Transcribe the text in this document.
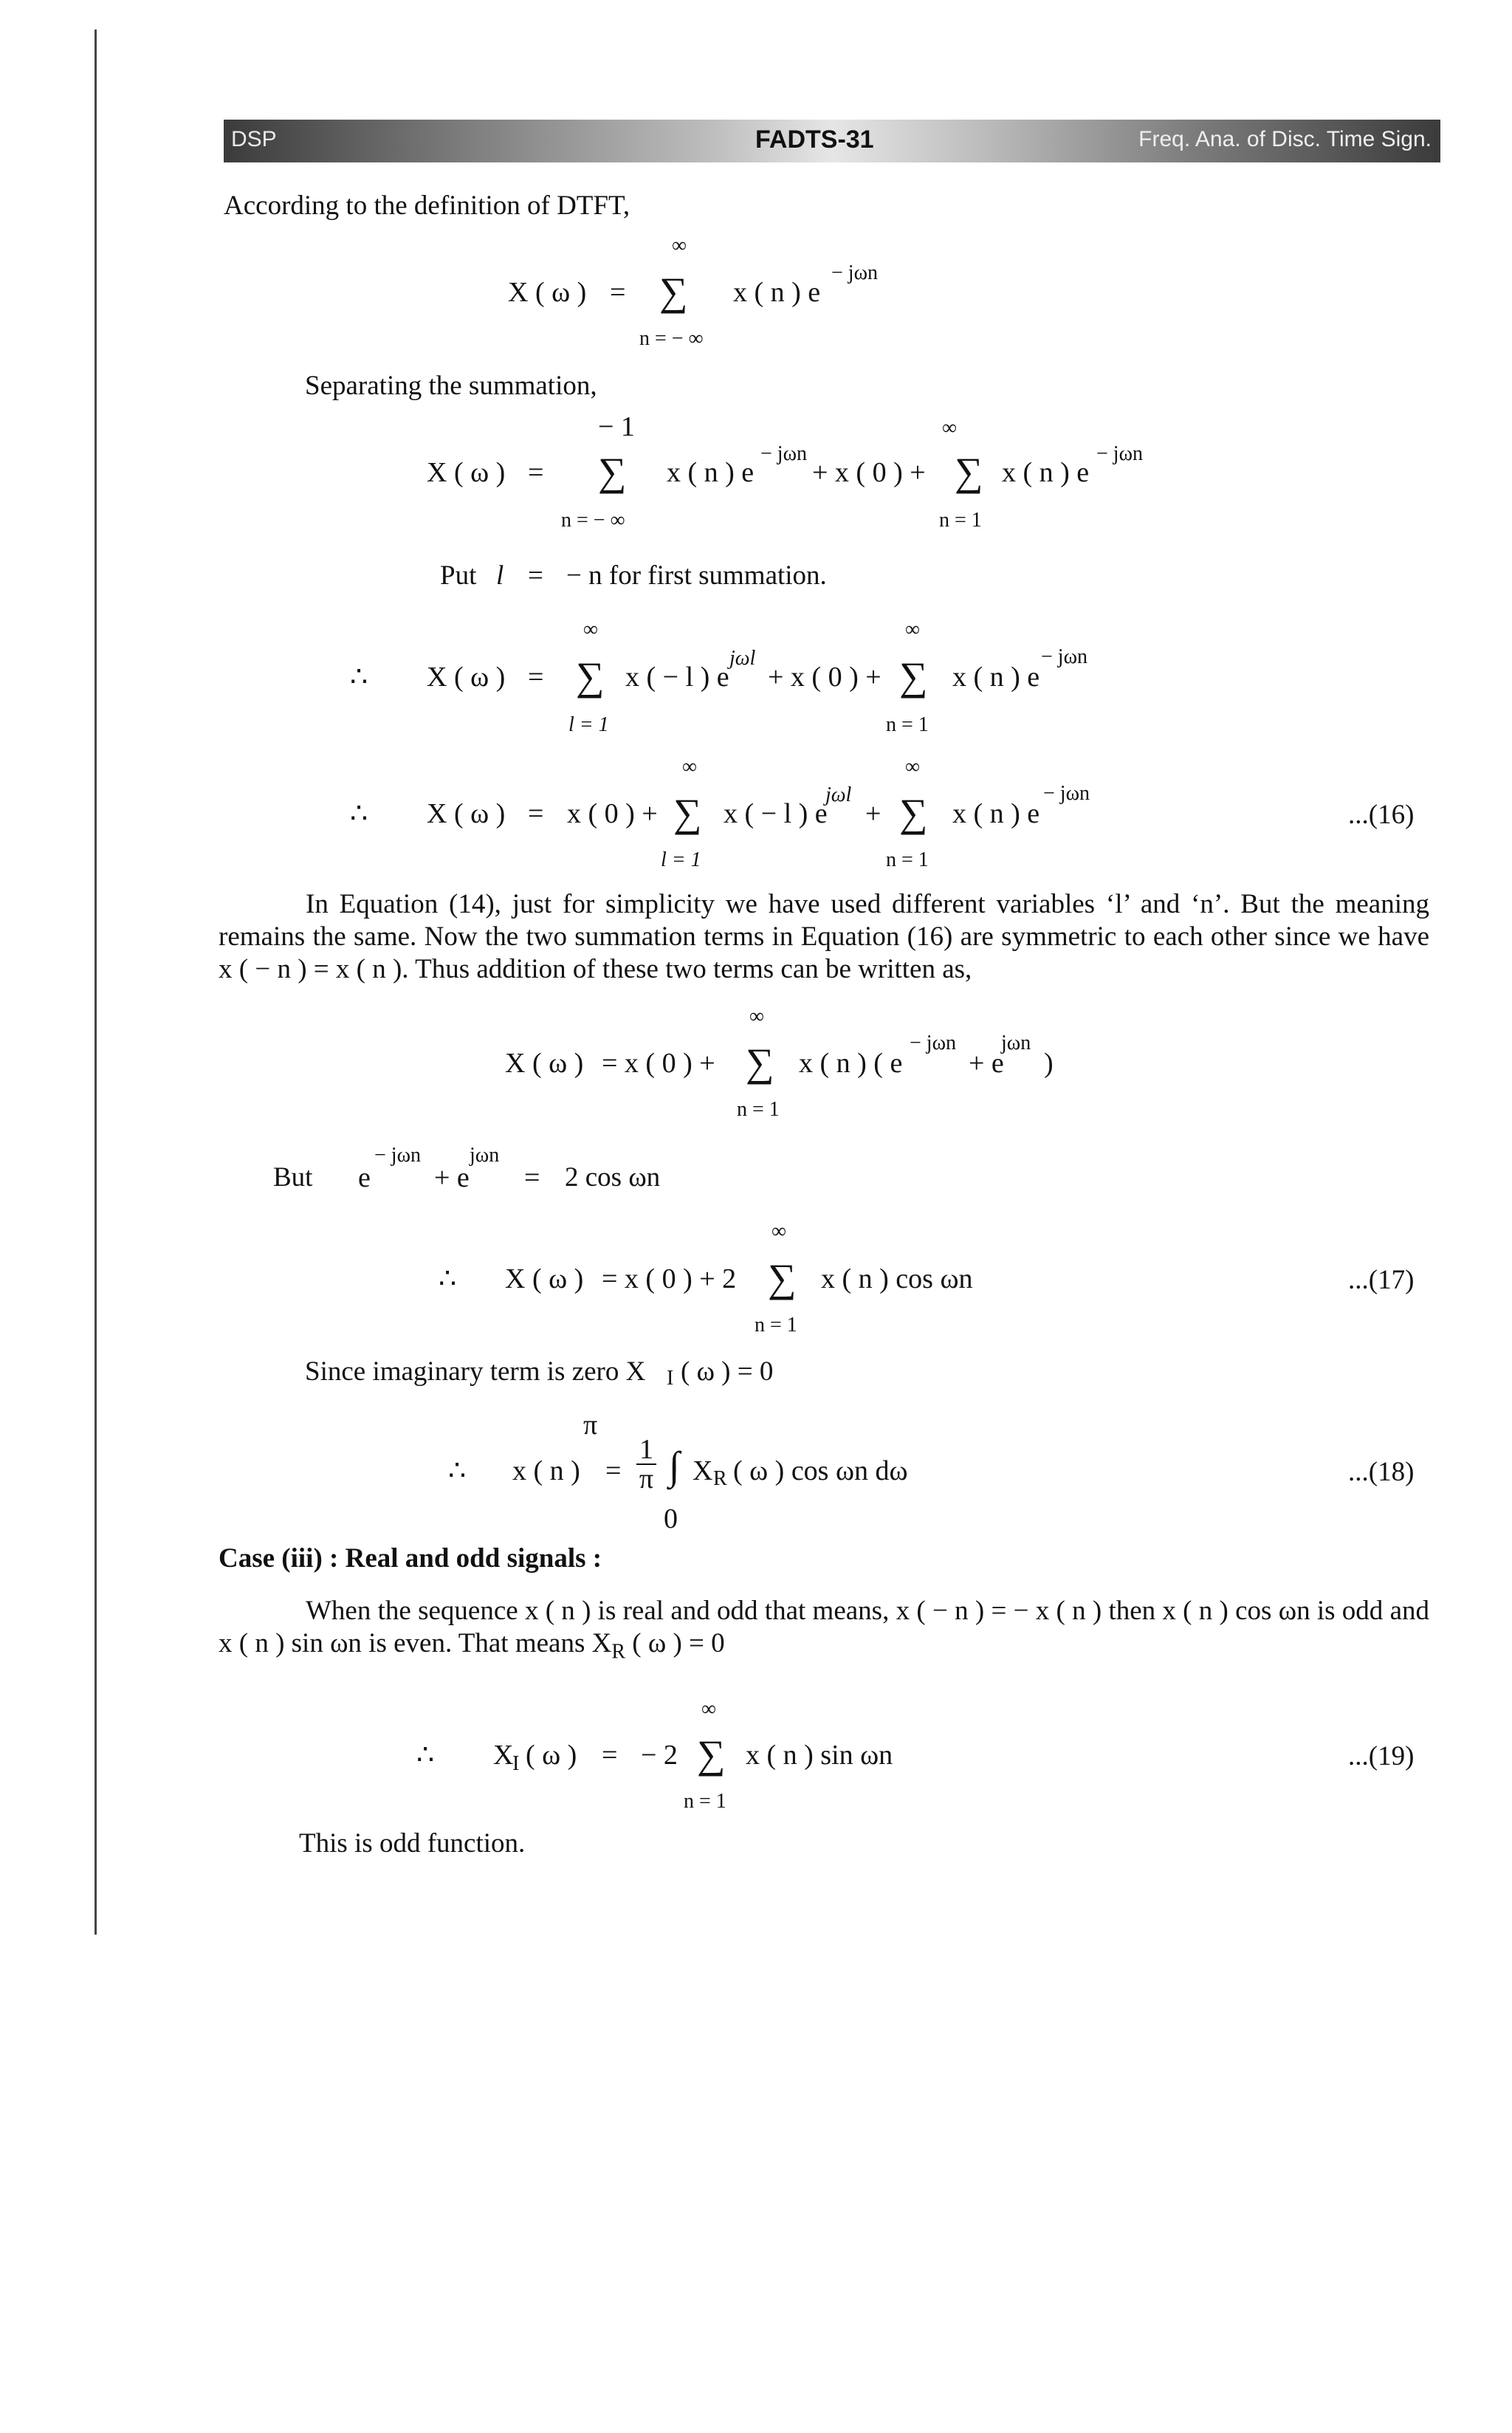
DSP	FADTS-31	Freq. Ana. of Disc. Time Sign.
According to the definition of DTFT,
∞
X ( ω ) = ∑ x ( n ) e
− jωn
n = − ∞
Separating the summation,
− 1	∞
X ( ω ) = ∑ x ( n ) e
− jωn
+ x ( 0 ) + ∑ x ( n ) e
− jωn
n = − ∞	n = 1
Put l = − n for first summation.
∞	∞
∴ X ( ω ) = ∑ x ( − l ) e
jωl
+ x ( 0 ) + ∑ x ( n ) e
− jωn
l = 1	n = 1
∞	∞
∴ X ( ω ) = x ( 0 ) + ∑ x ( − l ) e
jωl
+ ∑ x ( n ) e
− jωn
...(16)
l = 1	n = 1

In Equation (14), just for simplicity we have used different variables ‘l’ and ‘n’. But the meaning remains the same. Now the two summation terms in Equation (16) are symmetric to each other since we have x ( − n ) = x ( n ). Thus addition of these two terms can be written as,

∞
X ( ω ) = x ( 0 ) + ∑ x ( n ) ( e
− jωn
+ e
jωn
)
n = 1
But
− jωn jωn
e + e = 2 cos ωn
∞
∴ X ( ω ) = x ( 0 ) + 2 ∑ x ( n ) cos ωn	...(17)
n = 1
Since imaginary term is zero X I ( ω ) = 0
π
∴ x ( n ) = $\frac{1}{\pi}$ ∫ X R ( ω ) cos ωn dω	...(18)
0
Case (iii) : Real and odd signals :

When the sequence x ( n ) is real and odd that means, x ( − n ) = − x ( n ) then x ( n ) cos ωn is odd and x ( n ) sin ωn is even. That means $X_R$ ( ω ) = 0

∞
∴ X
I ( ω ) = − 2 ∑ x ( n ) sin ωn	...(19)
n = 1
This is odd function.
